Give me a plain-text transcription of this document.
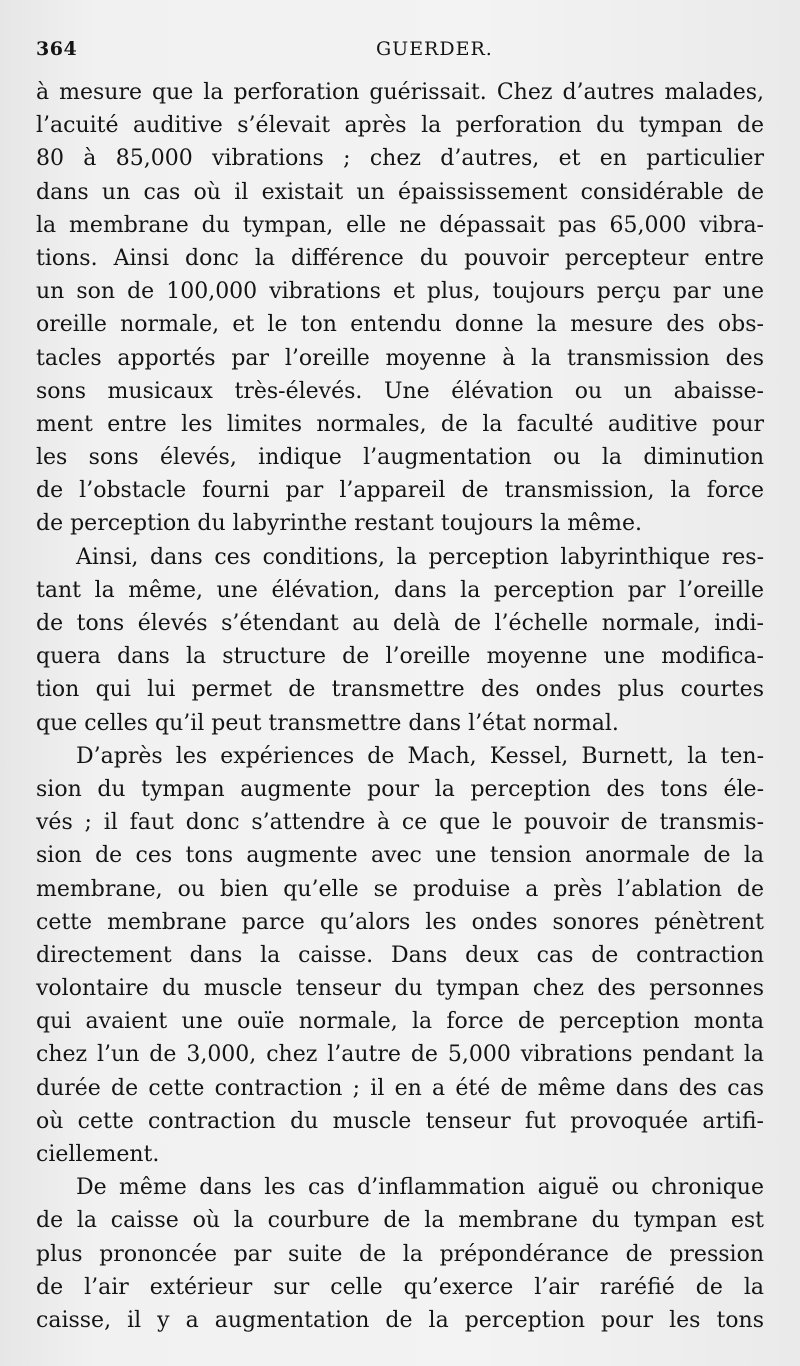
364	GUERDER.
à mesure que la perforation guérissait. Chez d’autres malades,
l’acuité auditive s’élevait après la perforation du tympan de
80 à 85,000 vibrations ; chez d’autres, et en particulier
dans un cas où il existait un épaississement considérable de
la membrane du tympan, elle ne dépassait pas 65,000 vibra-
tions. Ainsi donc la différence du pouvoir percepteur entre
un son de 100,000 vibrations et plus, toujours perçu par une
oreille normale, et le ton entendu donne la mesure des obs-
tacles apportés par l’oreille moyenne à la transmission des
sons musicaux très-élevés. Une élévation ou un abaisse-
ment entre les limites normales, de la faculté auditive pour
les sons élevés, indique l’augmentation ou la diminution
de l’obstacle fourni par l’appareil de transmission, la force
de perception du labyrinthe restant toujours la même.
Ainsi, dans ces conditions, la perception labyrinthique res-
tant la même, une élévation, dans la perception par l’oreille
de tons élevés s’étendant au delà de l’échelle normale, indi-
quera dans la structure de l’oreille moyenne une modifica-
tion qui lui permet de transmettre des ondes plus courtes
que celles qu’il peut transmettre dans l’état normal.
D’après les expériences de Mach, Kessel, Burnett, la ten-
sion du tympan augmente pour la perception des tons éle-
vés ; il faut donc s’attendre à ce que le pouvoir de transmis-
sion de ces tons augmente avec une tension anormale de la
membrane, ou bien qu’elle se produise a près l’ablation de
cette membrane parce qu’alors les ondes sonores pénètrent
directement dans la caisse. Dans deux cas de contraction
volontaire du muscle tenseur du tympan chez des personnes
qui avaient une ouïe normale, la force de perception monta
chez l’un de 3,000, chez l’autre de 5,000 vibrations pendant la
durée de cette contraction ; il en a été de même dans des cas
où cette contraction du muscle tenseur fut provoquée artifi-
ciellement.
De même dans les cas d’inflammation aiguë ou chronique
de la caisse où la courbure de la membrane du tympan est
plus prononcée par suite de la prépondérance de pression
de l’air extérieur sur celle qu’exerce l’air raréfié de la
caisse, il y a augmentation de la perception pour les tons
